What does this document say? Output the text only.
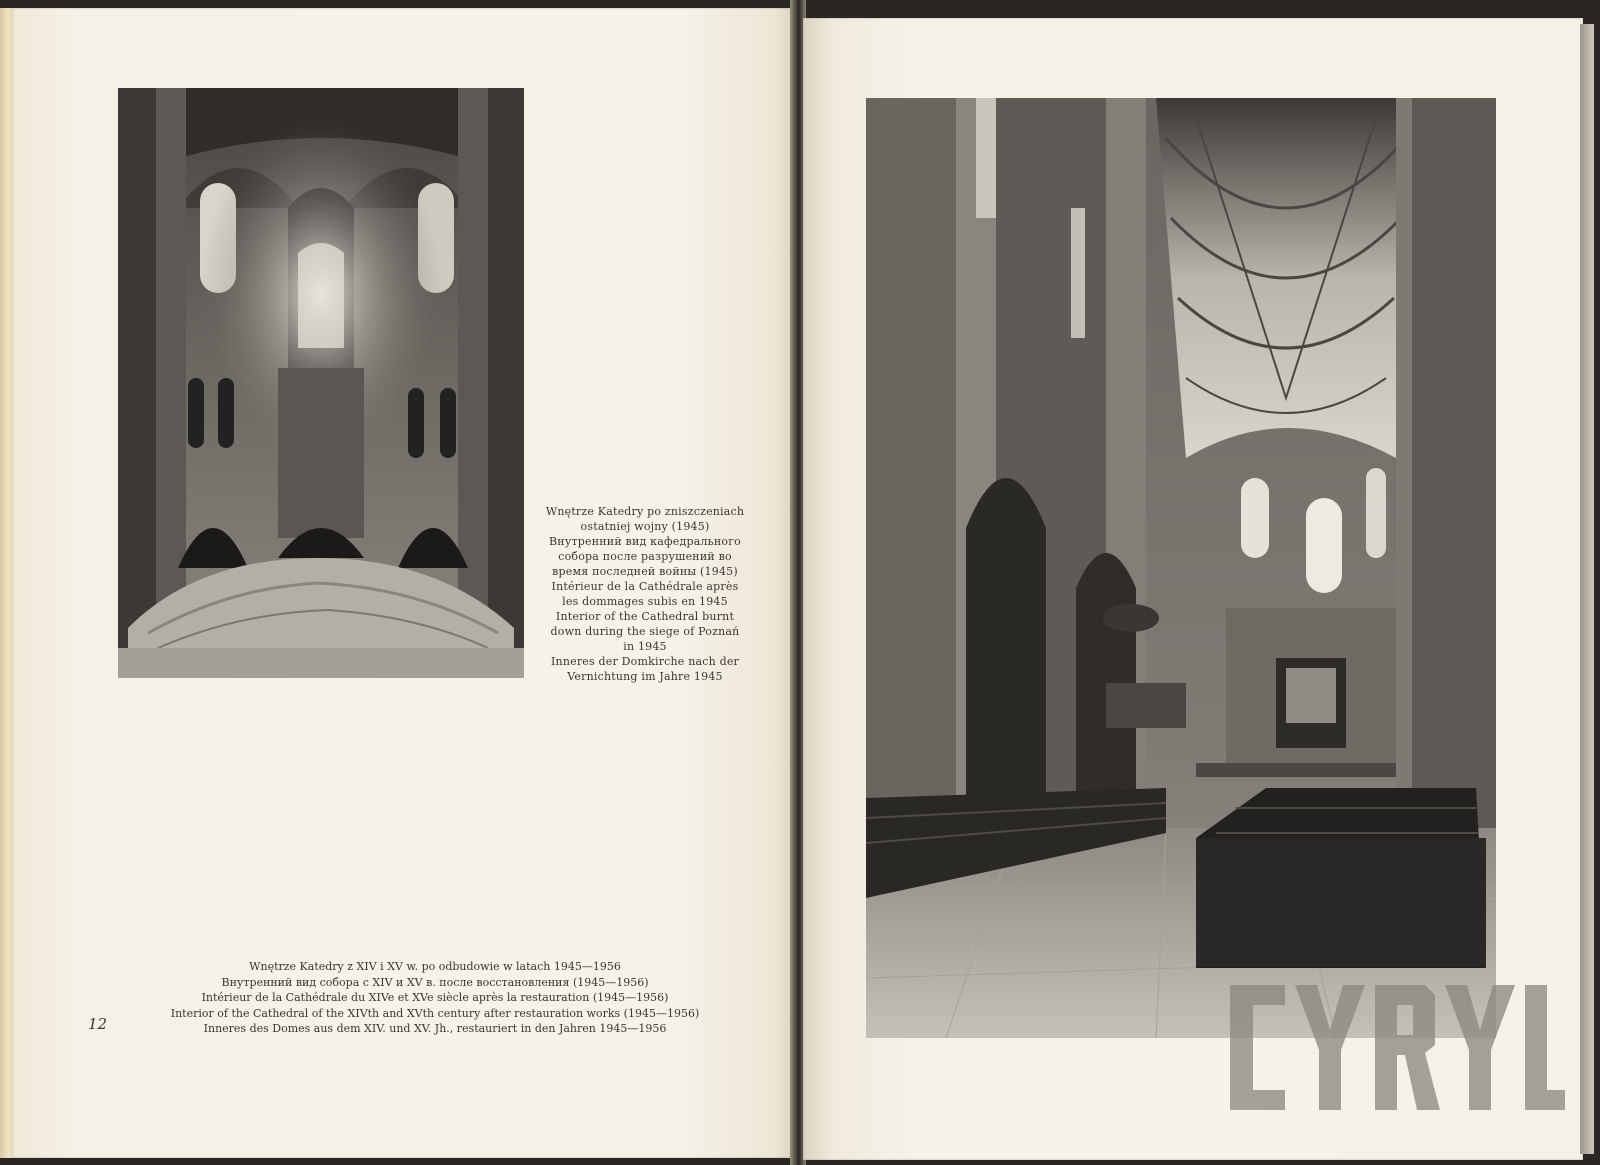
Wnętrze Katedry po zniszczeniach
ostatniej wojny (1945)
Внутренний вид кафедрального
собора после разрушений во
время последней войны (1945)
Intérieur de la Cathédrale après
les dommages subis en 1945
Interior of the Cathedral burnt
down during the siege of Poznań
in 1945
Inneres der Domkirche nach der
Vernichtung im Jahre 1945
Wnętrze Katedry z XIV i XV w. po odbudowie w latach 1945—1956
Внутренний вид собора с XIV и XV в. после восстановления (1945—1956)
Intérieur de la Cathédrale du XIVe et XVe siècle après la restauration (1945—1956)
Interior of the Cathedral of the XIVth and XVth century after restauration works (1945—1956)
Inneres des Domes aus dem XIV. und XV. Jh., restauriert in den Jahren 1945—1956
12
